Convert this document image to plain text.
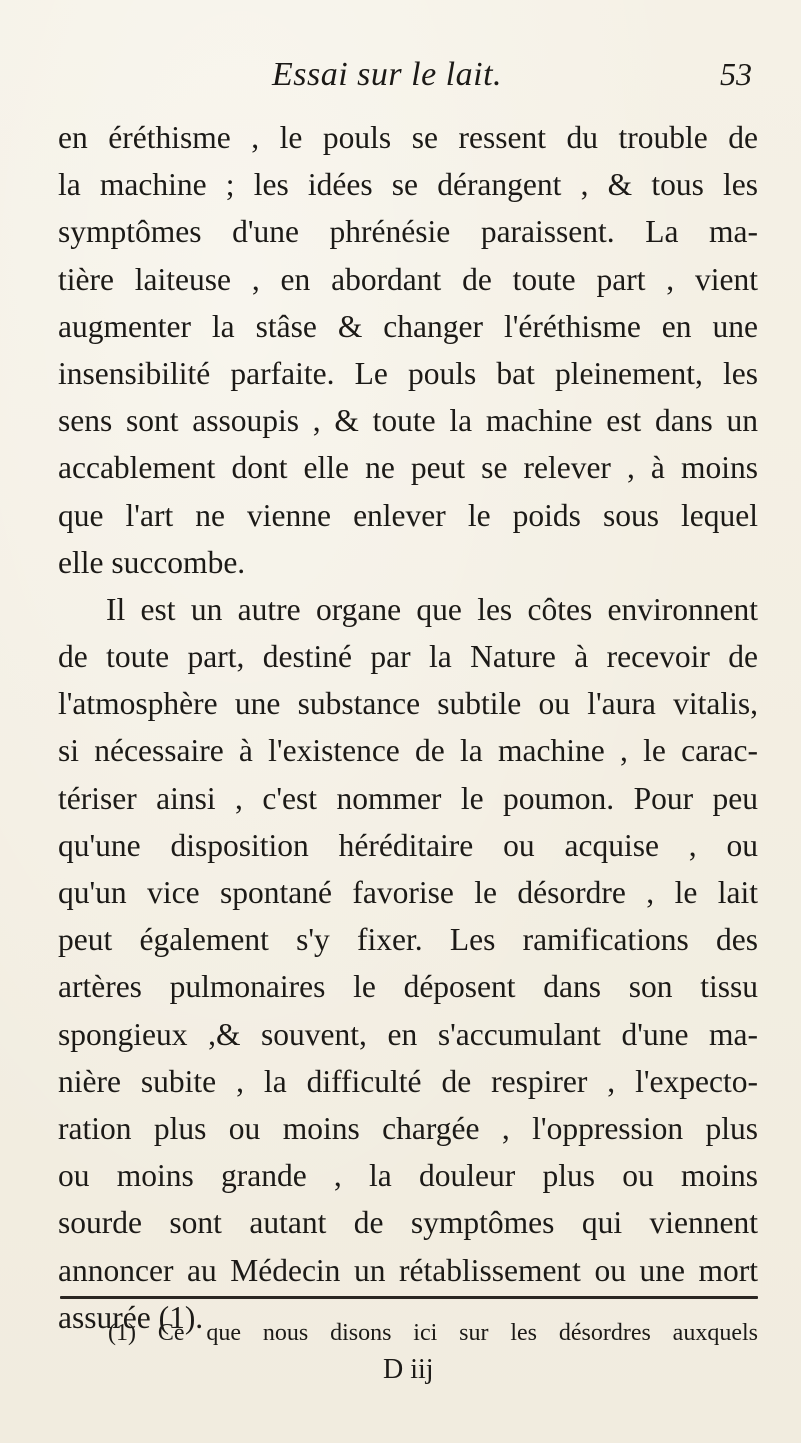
Essai sur le lait.	53
en éréthisme , le pouls se ressent du trouble de
la machine ; les idées se dérangent , & tous les
symptômes d'une phrénésie paraissent. La ma-
tière laiteuse , en abordant de toute part , vient
augmenter la stâse & changer l'éréthisme en une
insensibilité parfaite. Le pouls bat pleinement, les
sens sont assoupis , & toute la machine est dans un
accablement dont elle ne peut se relever , à moins
que l'art ne vienne enlever le poids sous lequel
elle succombe.
Il est un autre organe que les côtes environnent
de toute part, destiné par la Nature à recevoir de
l'atmosphère une substance subtile ou l'aura vitalis,
si nécessaire à l'existence de la machine , le carac-
tériser ainsi , c'est nommer le poumon. Pour peu
qu'une disposition héréditaire ou acquise , ou
qu'un vice spontané favorise le désordre , le lait
peut également s'y fixer. Les ramifications des
artères pulmonaires le déposent dans son tissu
spongieux ,& souvent, en s'accumulant d'une ma-
nière subite , la difficulté de respirer , l'expecto-
ration plus ou moins chargée , l'oppression plus
ou moins grande , la douleur plus ou moins
sourde sont autant de symptômes qui viennent
annoncer au Médecin un rétablissement ou une mort
assurée (1).
(1) Ce que nous disons ici sur les désordres auxquels
D iij
